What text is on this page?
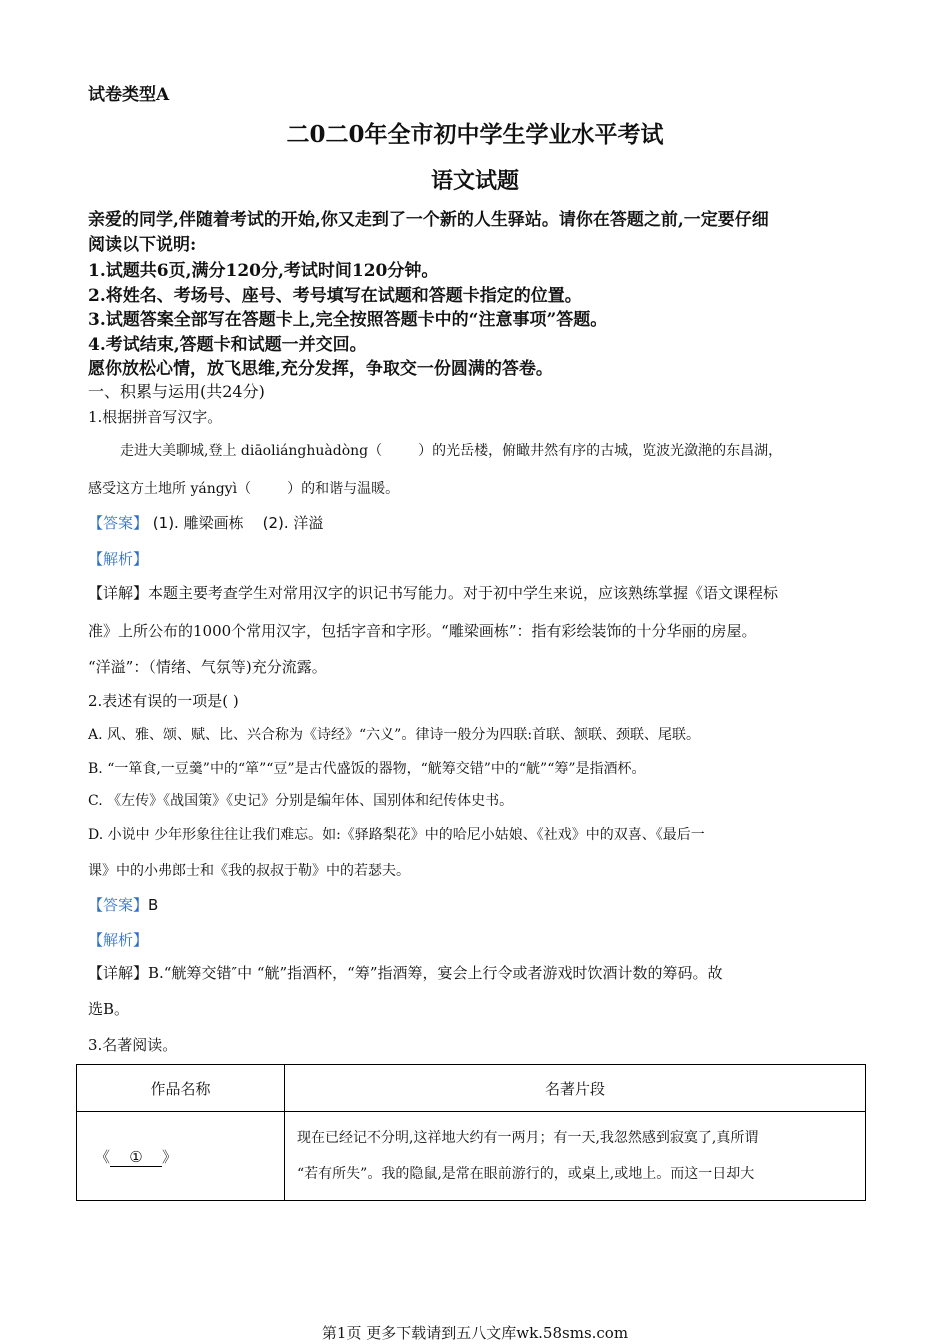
试卷类型A
二0二0年全市初中学生学业水平考试
语文试题
亲爱的同学,伴随着考试的开始,你又走到了一个新的人生驿站。请你在答题之前,一定要仔细
阅读以下说明:
1.试题共6页,满分120分,考试时间120分钟。
2.将姓名、考场号、座号、考号填写在试题和答题卡指定的位置。
3.试题答案全部写在答题卡上,完全按照答题卡中的“注意事项”答题。
4.考试结束,答题卡和试题一并交回。
愿你放松心情，放飞思维,充分发挥，争取交一份圆满的答卷。
一、积累与运用(共24分)
1.根据拼音写汉字。
走进大美聊城,登上 diāoliánghuàdòng（	）的光岳楼，俯瞰井然有序的古城，览波光潋滟的东昌湖，
感受这方土地所 yángyì（	）的和谐与温暖。
【答案】 (1). 雕梁画栋    (2). 洋溢
【解析】
【详解】本题主要考查学生对常用汉字的识记书写能力。对于初中学生来说，应该熟练掌握《语文课程标
准》上所公布的1000个常用汉字，包括字音和字形。“雕梁画栋”：指有彩绘装饰的十分华丽的房屋。
“洋溢”：（情绪、气氛等)充分流露。
2.表述有误的一项是( )
A. 风、雅、颂、赋、比、兴合称为《诗经》“六义”。律诗一般分为四联:首联、颔联、颈联、尾联。
B. “一箪食,一豆羹”中的“箪”“豆”是古代盛饭的器物，“觥筹交错”中的“觥”“筹”是指酒杯。
C. 《左传》《战国策》《史记》分别是编年体、国别体和纪传体史书。
D. 小说中 少年形象往往让我们难忘。如:《驿路梨花》中的哈尼小姑娘、《社戏》中的双喜、《最后一
课》中的小弗郎士和《我的叔叔于勒》中的若瑟夫。
【答案】B
【解析】
【详解】B.“觥筹交错″中 “觥”指酒杯，“筹”指酒筹，宴会上行令或者游戏时饮酒计数的筹码。故
选B。
3.名著阅读。
作品名称	名著片段
《 ① 》	现在已经记不分明,这祥地大约有一两月；有一天,我忽然感到寂寞了,真所谓
“若有所失”。我的隐鼠,是常在眼前游行的，或桌上,或地上。而这一日却大
第1页 更多下载请到五八文库wk.58sms.com
